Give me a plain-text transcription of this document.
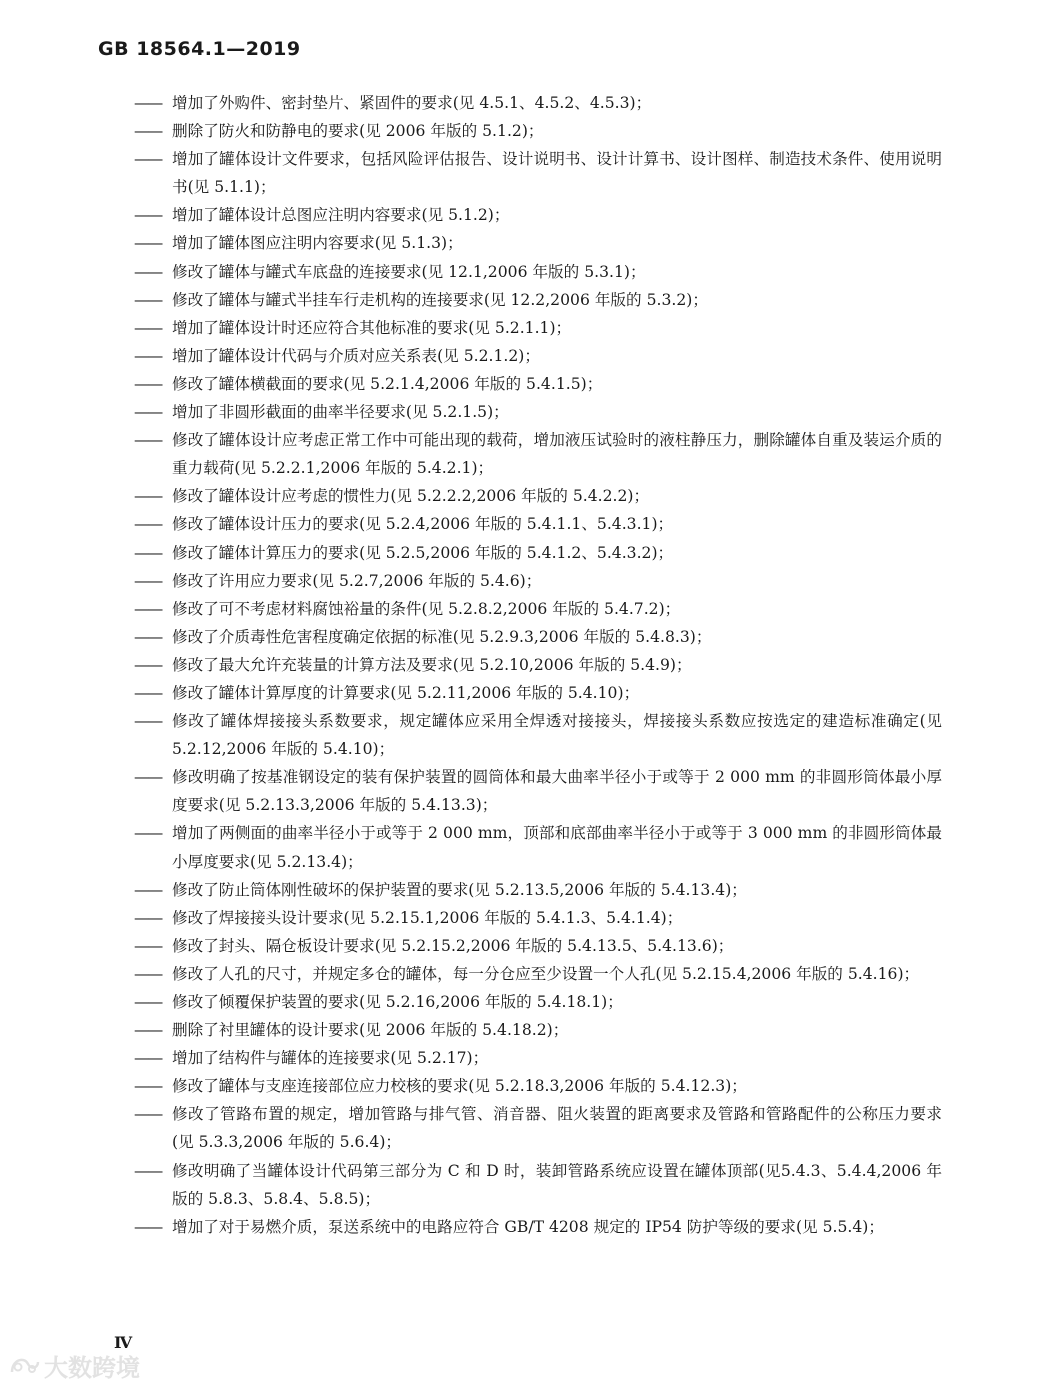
GB 18564.1—2019
—— 增加了外购件、密封垫片、紧固件的要求(见 4.5.1、4.5.2、4.5.3)；
—— 删除了防火和防静电的要求(见 2006 年版的 5.1.2)；
—— 增加了罐体设计文件要求，包括风险评估报告、设计说明书、设计计算书、设计图样、制造技术条件、使用说明书(见 5.1.1)；
—— 增加了罐体设计总图应注明内容要求(见 5.1.2)；
—— 增加了罐体图应注明内容要求(见 5.1.3)；
—— 修改了罐体与罐式车底盘的连接要求(见 12.1,2006 年版的 5.3.1)；
—— 修改了罐体与罐式半挂车行走机构的连接要求(见 12.2,2006 年版的 5.3.2)；
—— 增加了罐体设计时还应符合其他标准的要求(见 5.2.1.1)；
—— 增加了罐体设计代码与介质对应关系表(见 5.2.1.2)；
—— 修改了罐体横截面的要求(见 5.2.1.4,2006 年版的 5.4.1.5)；
—— 增加了非圆形截面的曲率半径要求(见 5.2.1.5)；
—— 修改了罐体设计应考虑正常工作中可能出现的载荷，增加液压试验时的液柱静压力，删除罐体自重及装运介质的重力载荷(见 5.2.2.1,2006 年版的 5.4.2.1)；
—— 修改了罐体设计应考虑的惯性力(见 5.2.2.2,2006 年版的 5.4.2.2)；
—— 修改了罐体设计压力的要求(见 5.2.4,2006 年版的 5.4.1.1、5.4.3.1)；
—— 修改了罐体计算压力的要求(见 5.2.5,2006 年版的 5.4.1.2、5.4.3.2)；
—— 修改了许用应力要求(见 5.2.7,2006 年版的 5.4.6)；
—— 修改了可不考虑材料腐蚀裕量的条件(见 5.2.8.2,2006 年版的 5.4.7.2)；
—— 修改了介质毒性危害程度确定依据的标准(见 5.2.9.3,2006 年版的 5.4.8.3)；
—— 修改了最大允许充装量的计算方法及要求(见 5.2.10,2006 年版的 5.4.9)；
—— 修改了罐体计算厚度的计算要求(见 5.2.11,2006 年版的 5.4.10)；
—— 修改了罐体焊接接头系数要求，规定罐体应采用全焊透对接接头，焊接接头系数应按选定的建造标准确定(见 5.2.12,2006 年版的 5.4.10)；
—— 修改明确了按基准钢设定的装有保护装置的圆筒体和最大曲率半径小于或等于 2 000 mm 的非圆形筒体最小厚度要求(见 5.2.13.3,2006 年版的 5.4.13.3)；
—— 增加了两侧面的曲率半径小于或等于 2 000 mm，顶部和底部曲率半径小于或等于 3 000 mm 的非圆形筒体最小厚度要求(见 5.2.13.4)；
—— 修改了防止筒体刚性破坏的保护装置的要求(见 5.2.13.5,2006 年版的 5.4.13.4)；
—— 修改了焊接接头设计要求(见 5.2.15.1,2006 年版的 5.4.1.3、5.4.1.4)；
—— 修改了封头、隔仓板设计要求(见 5.2.15.2,2006 年版的 5.4.13.5、5.4.13.6)；
—— 修改了人孔的尺寸，并规定多仓的罐体，每一分仓应至少设置一个人孔(见 5.2.15.4,2006 年版的 5.4.16)；
—— 修改了倾覆保护装置的要求(见 5.2.16,2006 年版的 5.4.18.1)；
—— 删除了衬里罐体的设计要求(见 2006 年版的 5.4.18.2)；
—— 增加了结构件与罐体的连接要求(见 5.2.17)；
—— 修改了罐体与支座连接部位应力校核的要求(见 5.2.18.3,2006 年版的 5.4.12.3)；
—— 修改了管路布置的规定，增加管路与排气管、消音器、阻火装置的距离要求及管路和管路配件的公称压力要求(见 5.3.3,2006 年版的 5.6.4)；
—— 修改明确了当罐体设计代码第三部分为 C 和 D 时，装卸管路系统应设置在罐体顶部(见5.4.3、5.4.4,2006 年版的 5.8.3、5.8.4、5.8.5)；
—— 增加了对于易燃介质，泵送系统中的电路应符合 GB/T 4208 规定的 IP54 防护等级的要求(见 5.5.4)；
Ⅳ
大数跨境
